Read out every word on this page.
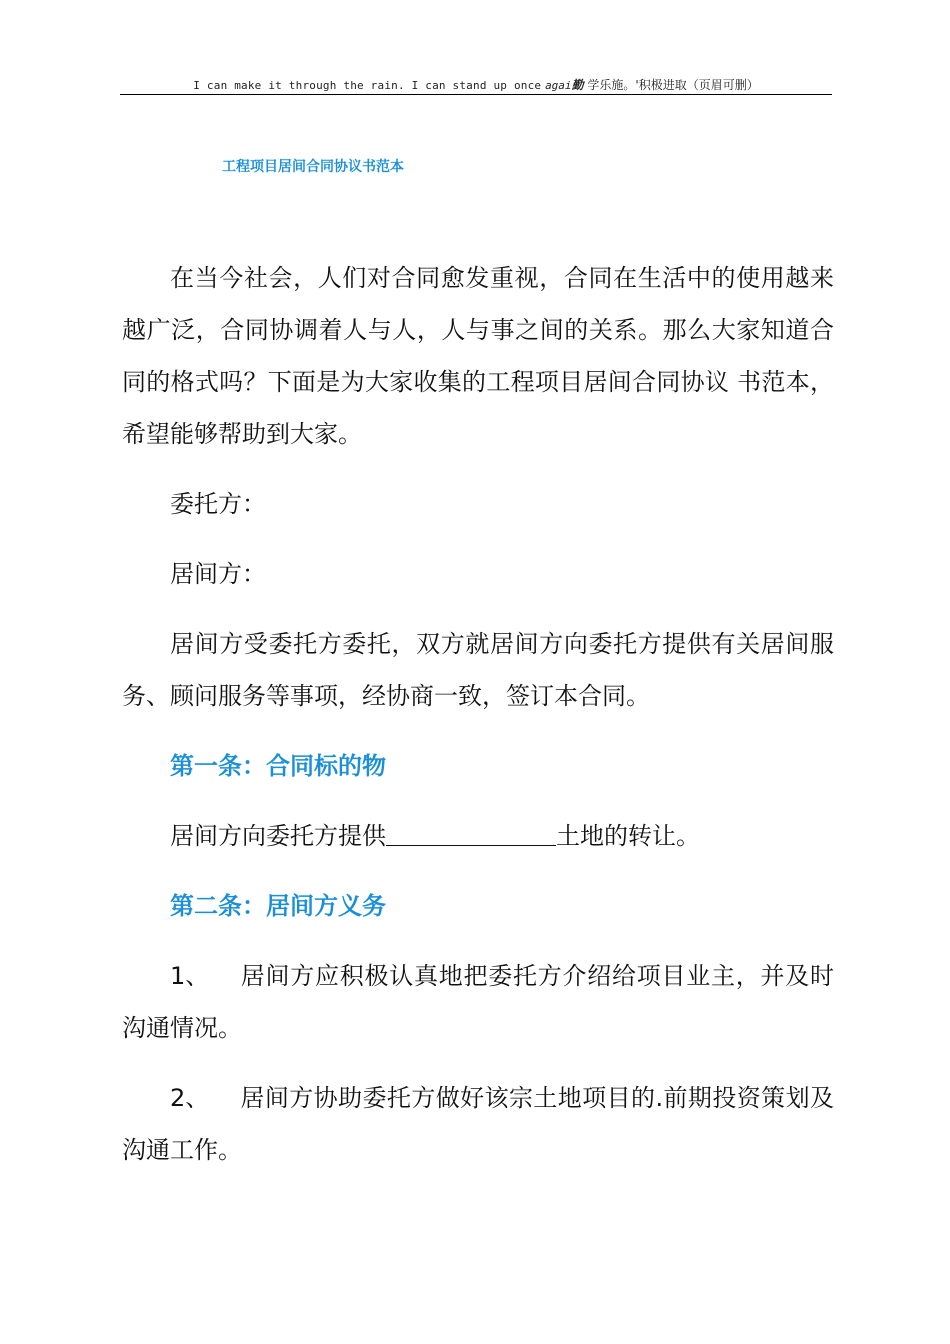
I can make it through the rain. I can stand up once agai勤 学乐施。'积极进取（页眉可删）
工程项目居间合同协议书范本

在当今社会，人们对合同愈发重视，合同在生活中的使用越来越广泛，合同协调着人与人，人与事之间的关系。那么大家知道合同的格式吗？下面是为大家收集的工程项目居间合同协议 书范本，希望能够帮助到大家。

委托方：

居间方：

居间方受委托方委托，双方就居间方向委托方提供有关居间服务、顾问服务等事项，经协商一致，签订本合同。

第一条：合同标的物

居间方向委托方提供	土地的转让。

第二条：居间方义务

1、 居间方应积极认真地把委托方介绍给项目业主，并及时 沟通情况。

2、 居间方协助委托方做好该宗土地项目的.前期投资策划及 沟通工作。
